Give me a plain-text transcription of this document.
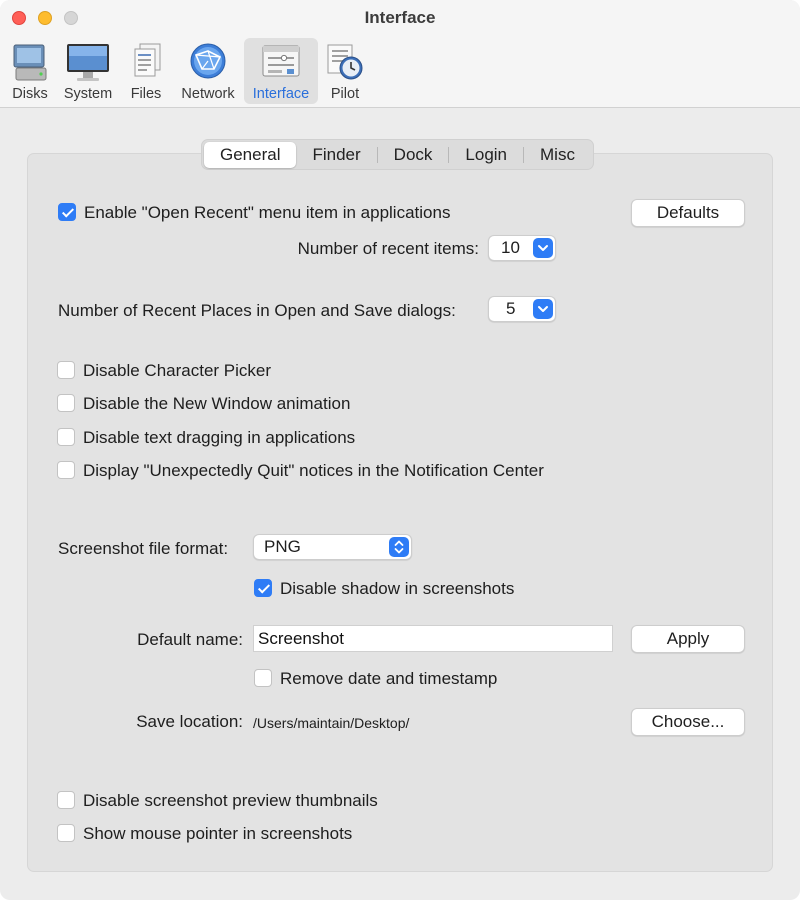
Interface
Disks	System	Files	Network	Interface	Pilot
General	Finder	Dock	Login	Misc
Enable "Open Recent" menu item in applications	Defaults
Number of recent items: 10
Number of Recent Places in Open and Save dialogs:	5
Disable Character Picker
Disable the New Window animation
Disable text dragging in applications
Display "Unexpectedly Quit" notices in the Notification Center
Screenshot file format: PNG
Disable shadow in screenshots
Default name: Screenshot	Apply
Remove date and timestamp
Save location: /Users/maintain/Desktop/	Choose...
Disable screenshot preview thumbnails
Show mouse pointer in screenshots
